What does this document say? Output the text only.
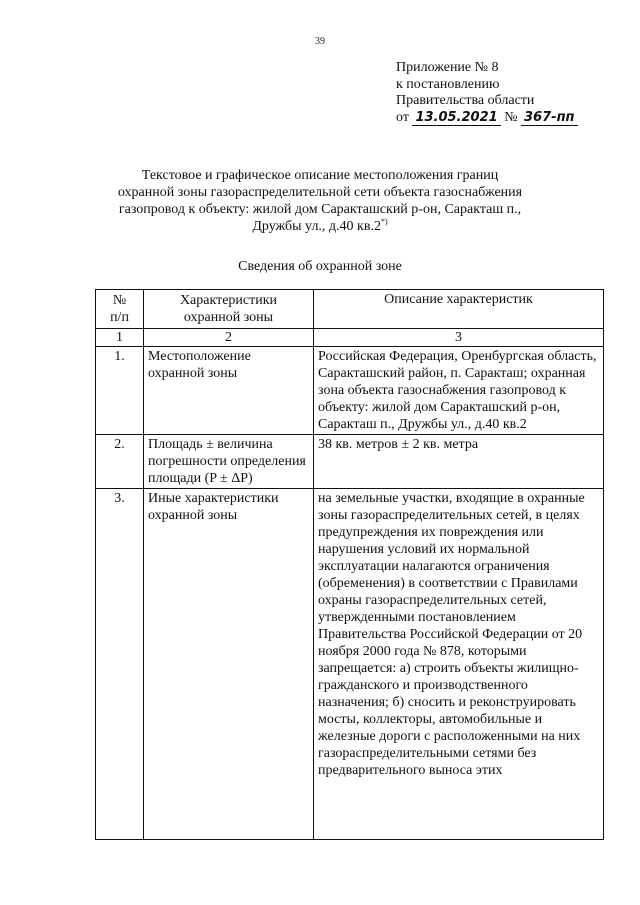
39
Приложение № 8
к постановлению
Правительства области
от 13.05.2021 № 367-пп
Текстовое и графическое описание местоположения границ
охранной зоны газораспределительной сети объекта газоснабжения
газопровод к объекту: жилой дом Саракташский р-он, Саракташ п.,
Дружбы ул., д.40 кв.2*)
Сведения об охранной зоне
№ п/п	Характеристики охранной зоны	Описание характеристик
1	2	3
1.	Местоположение охранной зоны	Российская Федерация, Оренбургская область, Саракташский район, п. Саракташ; охранная зона объекта газоснабжения газопровод к объекту: жилой дом Саракташский р-он, Саракташ п., Дружбы ул., д.40 кв.2
2.	Площадь ± величина погрешности определения площади (P ± ΔP)	38 кв. метров ± 2 кв. метра
3.	Иные характеристики охранной зоны	на земельные участки, входящие в охранные зоны газораспределительных сетей, в целях предупреждения их повреждения или нарушения условий их нормальной эксплуатации налагаются ограничения (обременения) в соответствии с Правилами охраны газораспределительных сетей, утвержденными постановлением Правительства Российской Федерации от 20 ноября 2000 года № 878, которыми запрещается: а) строить объекты жилищно-гражданского и производственного назначения; б) сносить и реконструировать мосты, коллекторы, автомобильные и железные дороги с расположенными на них газораспределительными сетями без предварительного выноса этих
